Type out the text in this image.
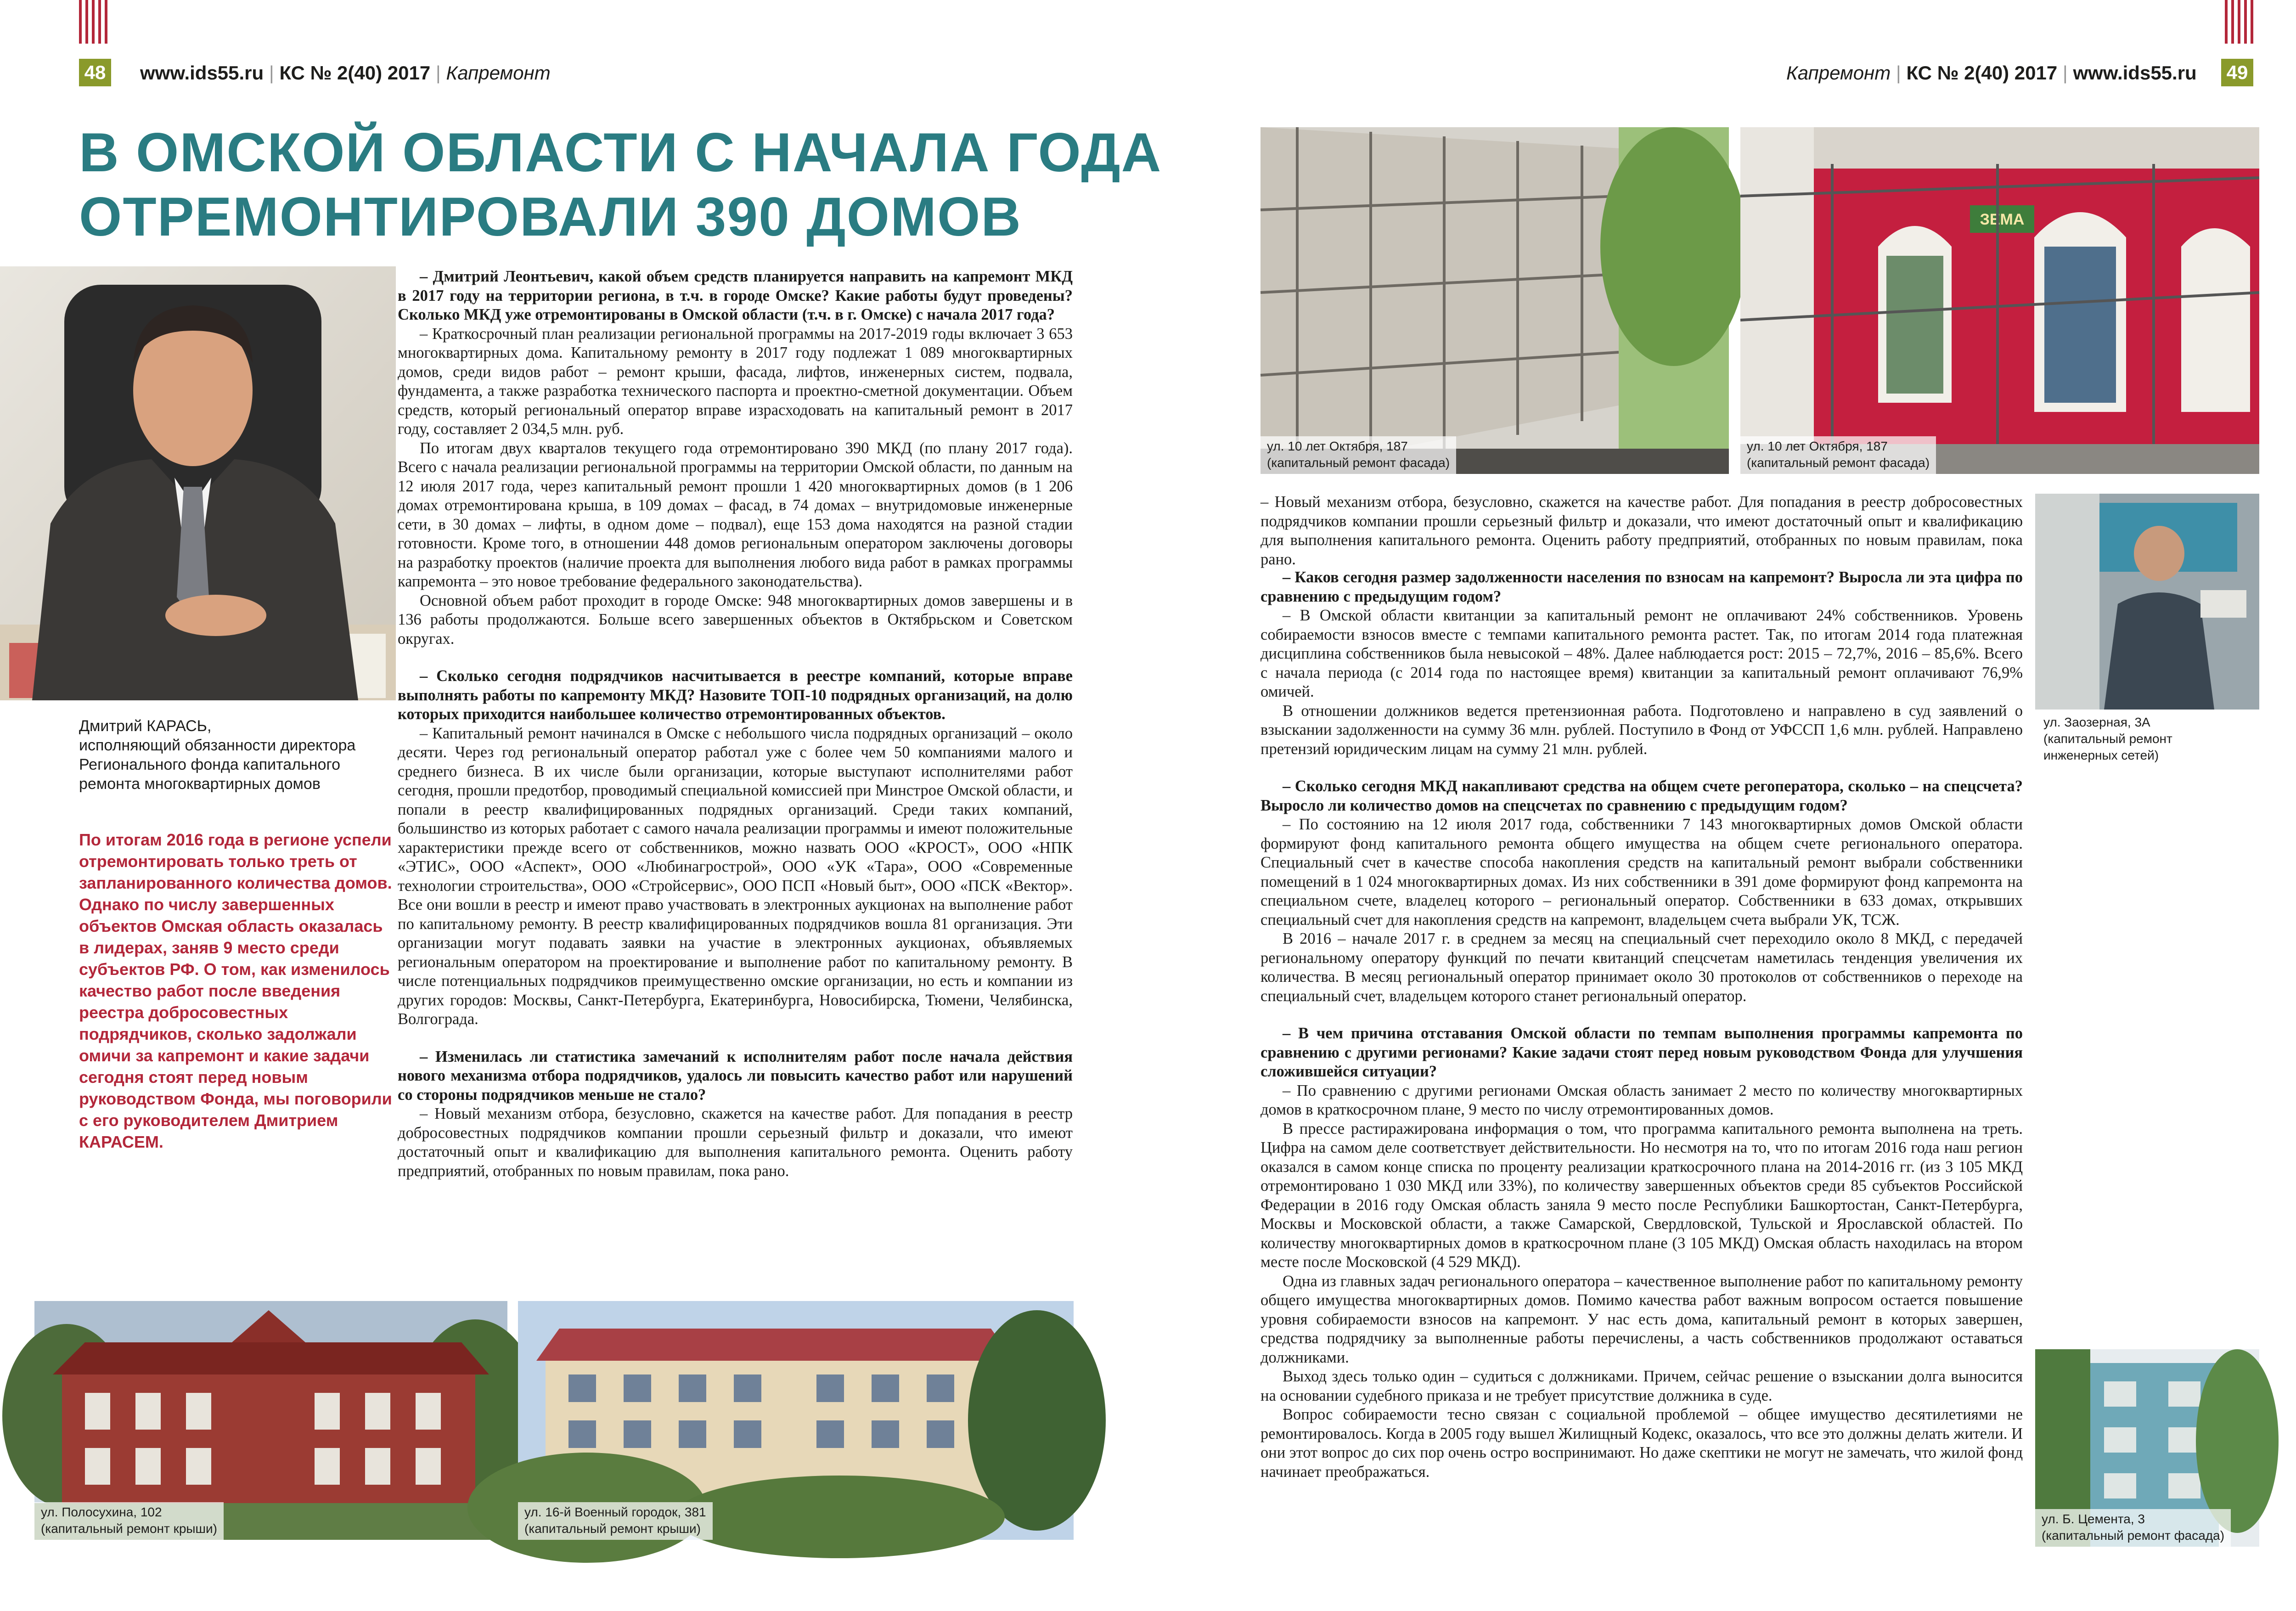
48 www.ids55.ru | КС № 2(40) 2017 | Капремонт
В ОМСКОЙ ОБЛАСТИ С НАЧАЛА ГОДА
ОТРЕМОНТИРОВАЛИ 390 ДОМОВ
Дмитрий КАРАСЬ,
исполняющий обязанности директора
Регионального фонда капитального
ремонта многоквартирных домов
По итогам 2016 года в регионе успели отремонтировать только треть от запланированного количества домов. Однако по числу завершенных объектов Омская область оказалась в лидерах, заняв 9 место среди субъектов РФ. О том, как изменилось качество работ после введения реестра добросовестных подрядчиков, сколько задолжали омичи за капремонт и какие задачи сегодня стоят перед новым руководством Фонда, мы поговорили с его руководителем Дмитрием КАРАСЕМ.

– Дмитрий Леонтьевич, какой объем средств планируется направить на капремонт МКД в 2017 году на территории региона, в т.ч. в городе Омске? Какие работы будут проведены? Сколько МКД уже отремонтированы в Омской области (т.ч. в г. Омске) с начала 2017 года?

– Краткосрочный план реализации региональной программы на 2017-2019 годы включает 3 653 многоквартирных дома. Капитальному ремонту в 2017 году подлежат 1 089 многоквартирных домов, среди видов работ – ремонт крыши, фасада, лифтов, инженерных систем, подвала, фундамента, а также разработка технического паспорта и проектно-сметной документации. Объем средств, который региональный оператор вправе израсходовать на капитальный ремонт в 2017 году, составляет 2 034,5 млн. руб.

По итогам двух кварталов текущего года отремонтировано 390 МКД (по плану 2017 года). Всего с начала реализации региональной программы на территории Омской области, по данным на 12 июля 2017 года, через капитальный ремонт прошли 1 420 многоквартирных домов (в 1 206 домах отремонтирована крыша, в 109 домах – фасад, в 74 домах – внутридомовые инженерные сети, в 30 домах – лифты, в одном доме – подвал), еще 153 дома находятся на разной стадии готовности. Кроме того, в отношении 448 домов региональным оператором заключены договоры на разработку проектов (наличие проекта для выполнения любого вида работ в рамках программы капремонта – это новое требование федерального законодательства).

Основной объем работ проходит в городе Омске: 948 многоквартирных домов завершены и в 136 работы продолжаются. Больше всего завершенных объектов в Октябрьском и Советском округах.

– Сколько сегодня подрядчиков насчитывается в реестре компаний, которые вправе выполнять работы по капремонту МКД? Назовите ТОП-10 подрядных организаций, на долю которых приходится наибольшее количество отремонтированных объектов.

– Капитальный ремонт начинался в Омске с небольшого числа подрядных организаций – около десяти. Через год региональный оператор работал уже с более чем 50 компаниями малого и среднего бизнеса. В их числе были организации, которые выступают исполнителями работ сегодня, прошли предотбор, проводимый специальной комиссией при Минстрое Омской области, и попали в реестр квалифицированных подрядных организаций. Среди таких компаний, большинство из которых работает с самого начала реализации программы и имеют положительные характеристики прежде всего от собственников, можно назвать ООО «КРОСТ», ООО «НПК «ЭТИС», ООО «Аспект», ООО «Любинагрострой», ООО «УК «Тара», ООО «Современные технологии строительства», ООО «Стройсервис», ООО ПСП «Новый быт», ООО «ПСК «Вектор». Все они вошли в реестр и имеют право участвовать в электронных аукционах на выполнение работ по капитальному ремонту. В реестр квалифицированных подрядчиков вошла 81 организация. Эти организации могут подавать заявки на участие в электронных аукционах, объявляемых региональным оператором на проектирование и выполнение работ по капитальному ремонту. В числе потенциальных подрядчиков преимущественно омские организации, но есть и компании из других городов: Москвы, Санкт-Петербурга, Екатеринбурга, Новосибирска, Тюмени, Челябинска, Волгограда.

– Изменилась ли статистика замечаний к исполнителям работ после начала действия нового механизма отбора подрядчиков, удалось ли повысить качество работ или нарушений со стороны подрядчиков меньше не стало?

– Новый механизм отбора, безусловно, скажется на качестве работ. Для попадания в реестр добросовестных подрядчиков компании прошли серьезный фильтр и доказали, что имеют достаточный опыт и квалификацию для выполнения капитального ремонта. Оценить работу предприятий, отобранных по новым правилам, пока рано.

ул. Полосухина, 102
(капитальный ремонт крыши)
ул. 16-й Военный городок, 381
(капитальный ремонт крыши)
49
Капремонт | КС № 2(40) 2017 | www.ids55.ru
ул. 10 лет Октября, 187
(капитальный ремонт фасада)
ЗЕМА
ул. 10 лет Октября, 187
(капитальный ремонт фасада)
ул. Заозерная, 3А
(капитальный ремонт
инженерных сетей)
ул. Б. Цемента, 3
(капитальный ремонт фасада)

– Новый механизм отбора, безусловно, скажется на качестве работ. Для попадания в реестр добросовестных подрядчиков компании прошли серьезный фильтр и доказали, что имеют достаточный опыт и квалификацию для выполнения капитального ремонта. Оценить работу предприятий, отобранных по новым правилам, пока рано.

– Каков сегодня размер задолженности населения по взносам на капремонт? Выросла ли эта цифра по сравнению с предыдущим годом?

– В Омской области квитанции за капитальный ремонт не оплачивают 24% собственников. Уровень собираемости взносов вместе с темпами капитального ремонта растет. Так, по итогам 2014 года платежная дисциплина собственников была невысокой – 48%. Далее наблюдается рост: 2015 – 72,7%, 2016 – 85,6%. Всего с начала периода (с 2014 года по настоящее время) квитанции за капитальный ремонт оплачивают 76,9% омичей.

В отношении должников ведется претензионная работа. Подготовлено и направлено в суд заявлений о взыскании задолженности на сумму 36 млн. рублей. Поступило в Фонд от УФССП 1,6 млн. рублей. Направлено претензий юридическим лицам на сумму 21 млн. рублей.

– Сколько сегодня МКД накапливают средства на общем счете регоператора, сколько – на спецсчета? Выросло ли количество домов на спецсчетах по сравнению с предыдущим годом?

– По состоянию на 12 июля 2017 года, собственники 7 143 многоквартирных домов Омской области формируют фонд капитального ремонта общего имущества на общем счете регионального оператора. Специальный счет в качестве способа накопления средств на капитальный ремонт выбрали собственники помещений в 1 024 многоквартирных домах. Из них собственники в 391 доме формируют фонд капремонта на специальном счете, владелец которого – региональный оператор. Собственники в 633 домах, открывших специальный счет для накопления средств на капремонт, владельцем счета выбрали УК, ТСЖ.

В 2016 – начале 2017 г. в среднем за месяц на специальный счет переходило около 8 МКД, с передачей региональному оператору функций по печати квитанций спецсчетам наметилась тенденция увеличения их количества. В месяц региональный оператор принимает около 30 протоколов от собственников о переходе на специальный счет, владельцем которого станет региональный оператор.

– В чем причина отставания Омской области по темпам выполнения программы капремонта по сравнению с другими регионами? Какие задачи стоят перед новым руководством Фонда для улучшения сложившейся ситуации?

– По сравнению с другими регионами Омская область занимает 2 место по количеству многоквартирных домов в краткосрочном плане, 9 место по числу отремонтированных домов.

В прессе растиражирована информация о том, что программа капитального ремонта выполнена на треть. Цифра на самом деле соответствует действительности. Но несмотря на то, что по итогам 2016 года наш регион оказался в самом конце списка по проценту реализации краткосрочного плана на 2014-2016 гг. (из 3 105 МКД отремонтировано 1 030 МКД или 33%), по количеству завершенных объектов среди 85 субъектов Российской Федерации в 2016 году Омская область заняла 9 место после Республики Башкортостан, Санкт-Петербурга, Москвы и Московской области, а также Самарской, Свердловской, Тульской и Ярославской областей. По количеству многоквартирных домов в краткосрочном плане (3 105 МКД) Омская область находилась на втором месте после Московской (4 529 МКД).

Одна из главных задач регионального оператора – качественное выполнение работ по капитальному ремонту общего имущества многоквартирных домов. Помимо качества работ важным вопросом остается повышение уровня собираемости взносов на капремонт. У нас есть дома, капитальный ремонт в которых завершен, средства подрядчику за выполненные работы перечислены, а часть собственников продолжают оставаться должниками.

Выход здесь только один – судиться с должниками. Причем, сейчас решение о взыскании долга выносится на основании судебного приказа и не требует присутствие должника в суде.

Вопрос собираемости тесно связан с социальной проблемой – общее имущество десятилетиями не ремонтировалось. Когда в 2005 году вышел Жилищный Кодекс, оказалось, что все это должны делать жители. И они этот вопрос до сих пор очень остро воспринимают. Но даже скептики не могут не замечать, что жилой фонд начинает преображаться.
